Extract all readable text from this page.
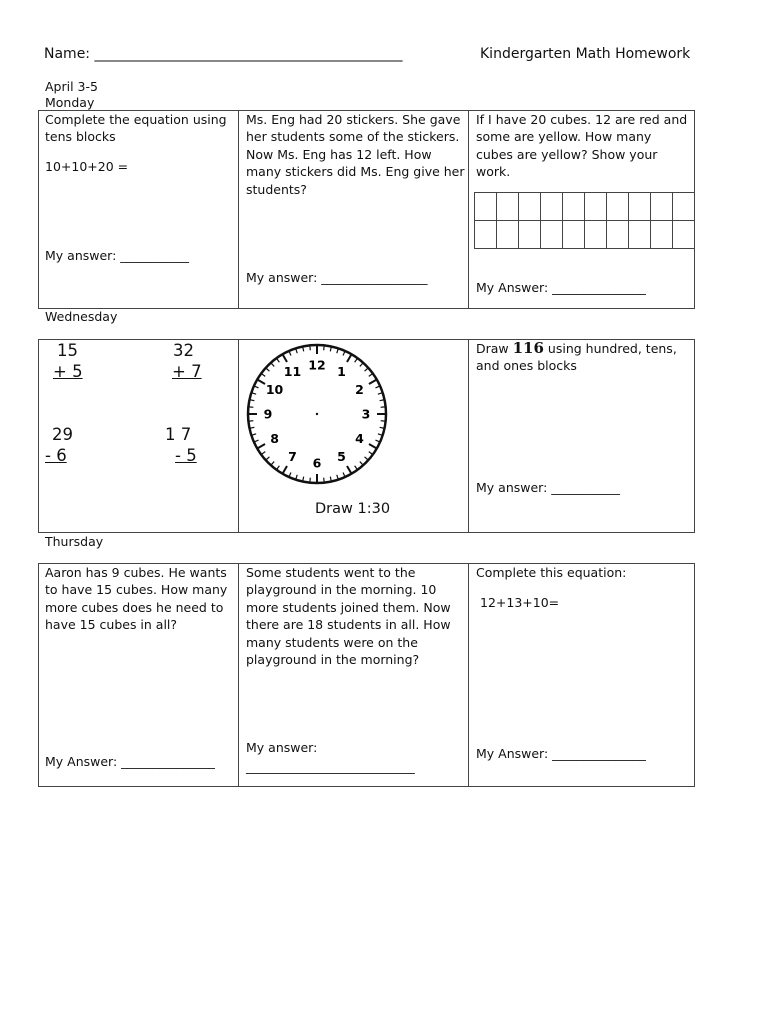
Name: ____________________________________________	Kindergarten Math Homework
April 3-5
Monday
Complete the equation using tens blocks
10+10+20 =
My answer: ___________

Ms. Eng had 20 stickers. She gave her students some of the stickers. Now Ms. Eng has 12 left. How many stickers did Ms. Eng give her students?
My answer: _________________

If I have 20 cubes. 12 are red and some are yellow. How many cubes are yellow? Show your work.

My Answer: _______________
Wednesday
15
+ 5
32
+ 7
29
- 6
1 7
- 5

12 1
2
3
4
5
6
7
8
9
10
11
Draw 1:30

Draw 116 using hundred, tens, and ones blocks
My answer: ___________
Thursday
Aaron has 9 cubes. He wants to have 15 cubes. How many more cubes does he need to have 15 cubes in all?
My Answer: _______________

Some students went to the playground in the morning. 10 more students joined them. Now there are 18 students in all. How many students were on the playground in the morning?
My answer:
___________________________

Complete this equation:
12+13+10=
My Answer: _______________
